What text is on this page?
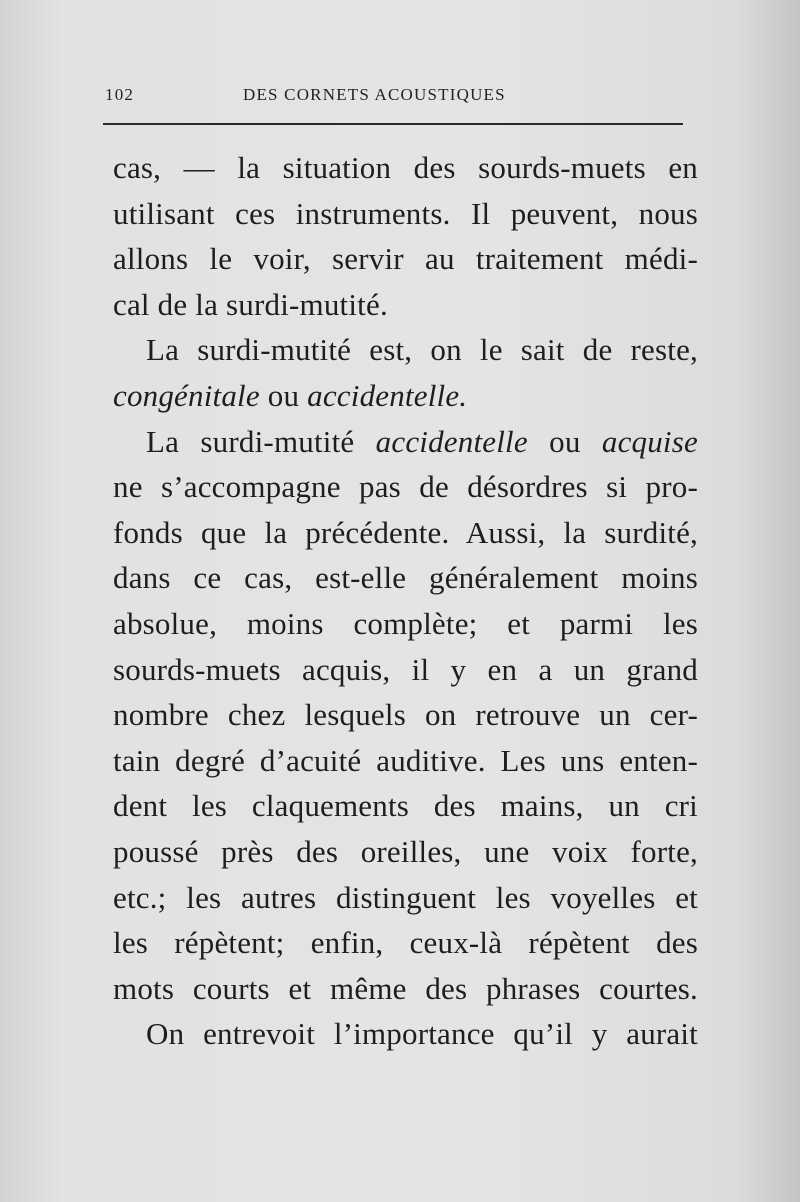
102	DES CORNETS ACOUSTIQUES
cas, — la situation des sourds-muets en
utilisant ces instruments. Il peuvent, nous
allons le voir, servir au traitement médi-
cal de la surdi-mutité.
La surdi-mutité est, on le sait de reste,
congénitale ou accidentelle.
La surdi-mutité accidentelle ou acquise
ne s’accompagne pas de désordres si pro-
fonds que la précédente. Aussi, la surdité,
dans ce cas, est-elle généralement moins
absolue, moins complète; et parmi les
sourds-muets acquis, il y en a un grand
nombre chez lesquels on retrouve un cer-
tain degré d’acuité auditive. Les uns enten-
dent les claquements des mains, un cri
poussé près des oreilles, une voix forte,
etc.; les autres distinguent les voyelles et
les répètent; enfin, ceux-là répètent des
mots courts et même des phrases courtes.
On entrevoit l’importance qu’il y aurait
